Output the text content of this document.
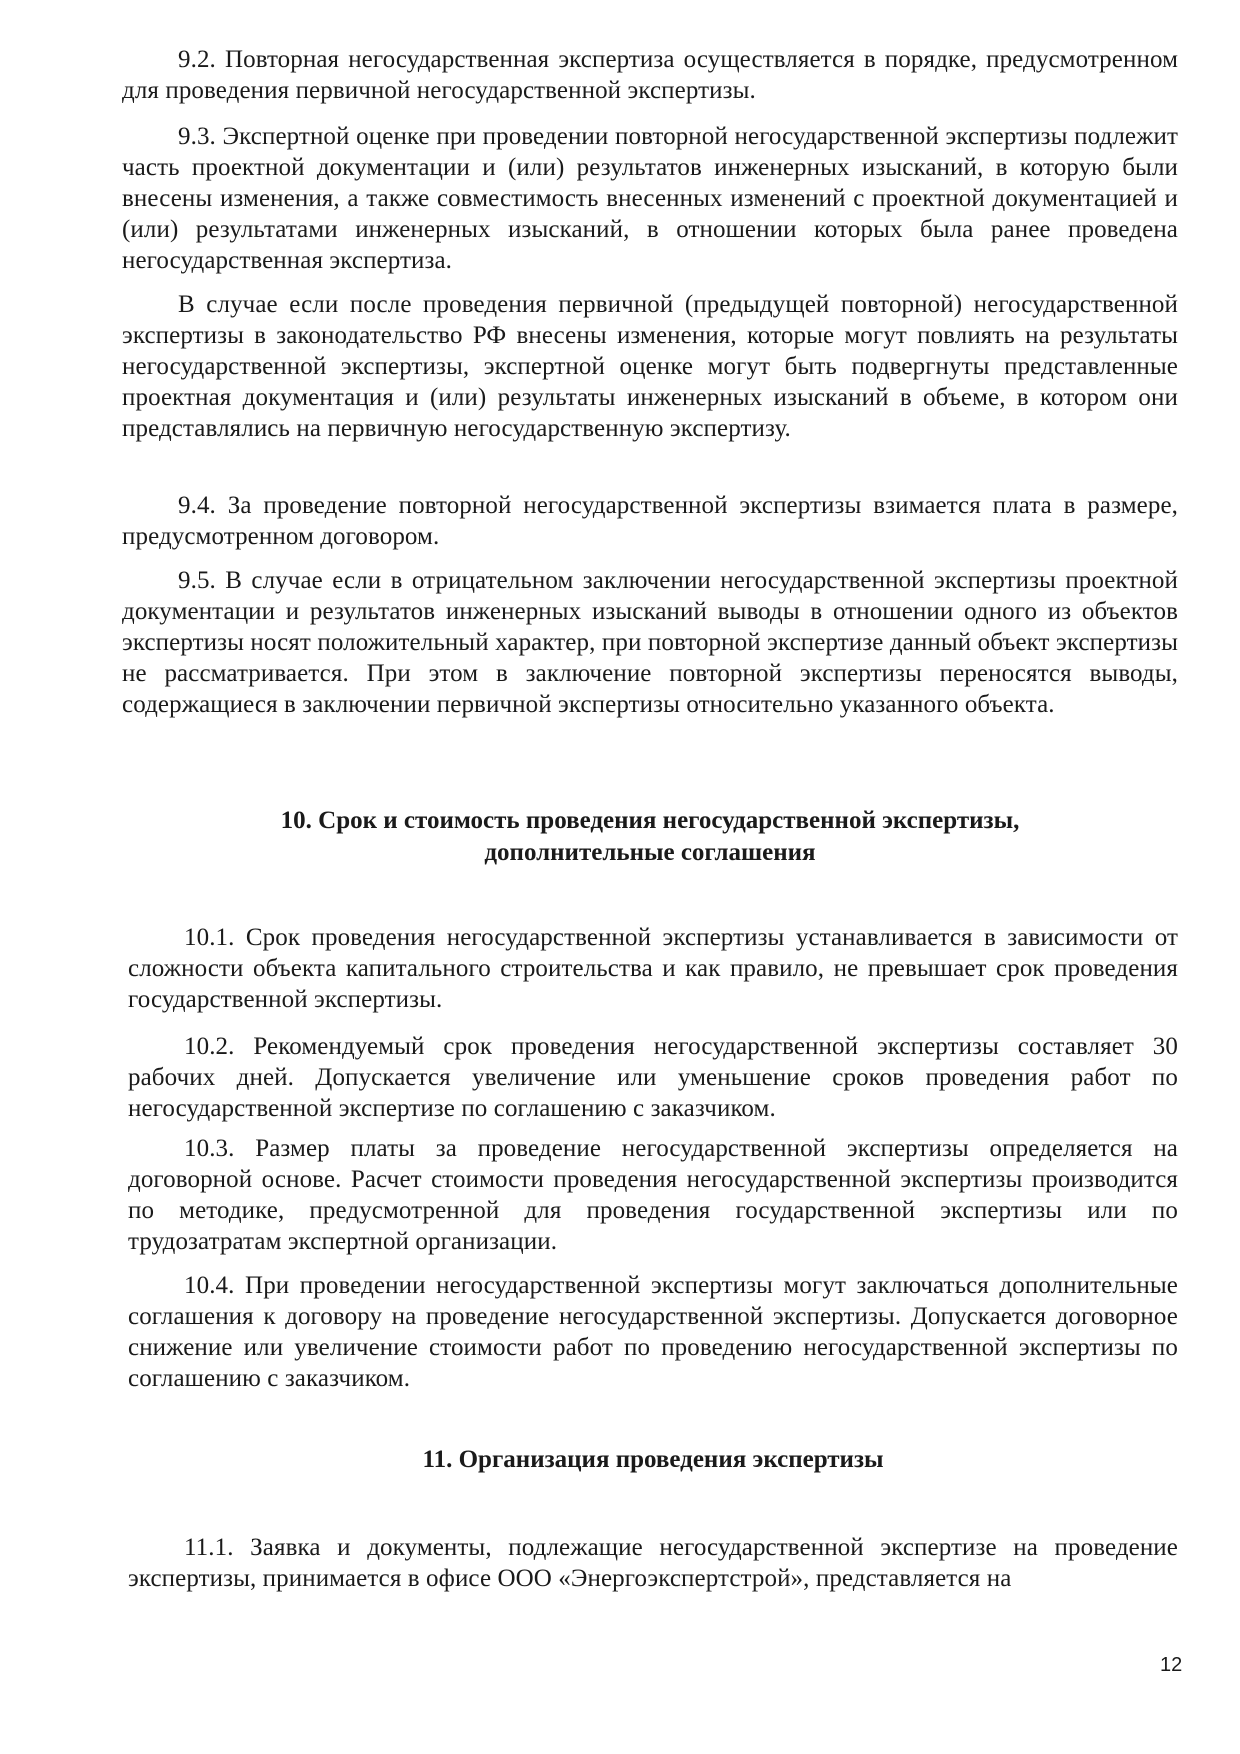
9.2. Повторная негосударственная экспертиза осуществляется в порядке, предусмотренном для проведения первичной негосударственной экспертизы.

9.3. Экспертной оценке при проведении повторной негосударственной экспертизы подлежит часть проектной документации и (или) результатов инженерных изысканий, в которую были внесены изменения, а также совместимость внесенных изменений с проектной документацией и (или) результатами инженерных изысканий, в отношении которых была ранее проведена негосударственная экспертиза.

В случае если после проведения первичной (предыдущей повторной) негосударственной экспертизы в законодательство РФ внесены изменения, которые могут повлиять на результаты негосударственной экспертизы, экспертной оценке могут быть подвергнуты представленные проектная документация и (или) результаты инженерных изысканий в объеме, в котором они представлялись на первичную негосударственную экспертизу.

9.4. За проведение повторной негосударственной экспертизы взимается плата в размере, предусмотренном договором.

9.5. В случае если в отрицательном заключении негосударственной экспертизы проектной документации и результатов инженерных изысканий выводы в отношении одного из объектов экспертизы носят положительный характер, при повторной экспертизе данный объект экспертизы не рассматривается. При этом в заключение повторной экспертизы переносятся выводы, содержащиеся в заключении первичной экспертизы относительно указанного объекта.

10. Срок и стоимость проведения негосударственной экспертизы,
дополнительные соглашения

10.1. Срок проведения негосударственной экспертизы устанавливается в зависимости от сложности объекта капитального строительства и как правило, не превышает срок проведения государственной экспертизы.

10.2. Рекомендуемый срок проведения негосударственной экспертизы составляет 30 рабочих дней. Допускается увеличение или уменьшение сроков проведения работ по негосударственной экспертизе по соглашению с заказчиком.

10.3. Размер платы за проведение негосударственной экспертизы определяется на договорной основе. Расчет стоимости проведения негосударственной экспертизы производится по методике, предусмотренной для проведения государственной экспертизы или по трудозатратам экспертной организации.

10.4. При проведении негосударственной экспертизы могут заключаться дополнительные соглашения к договору на проведение негосударственной экспертизы. Допускается договорное снижение или увеличение стоимости работ по проведению негосударственной экспертизы по соглашению с заказчиком.

11. Организация проведения экспертизы

11.1. Заявка и документы, подлежащие негосударственной экспертизе на проведение экспертизы, принимается в офисе ООО «Энергоэкспертстрой», представляется на

12
